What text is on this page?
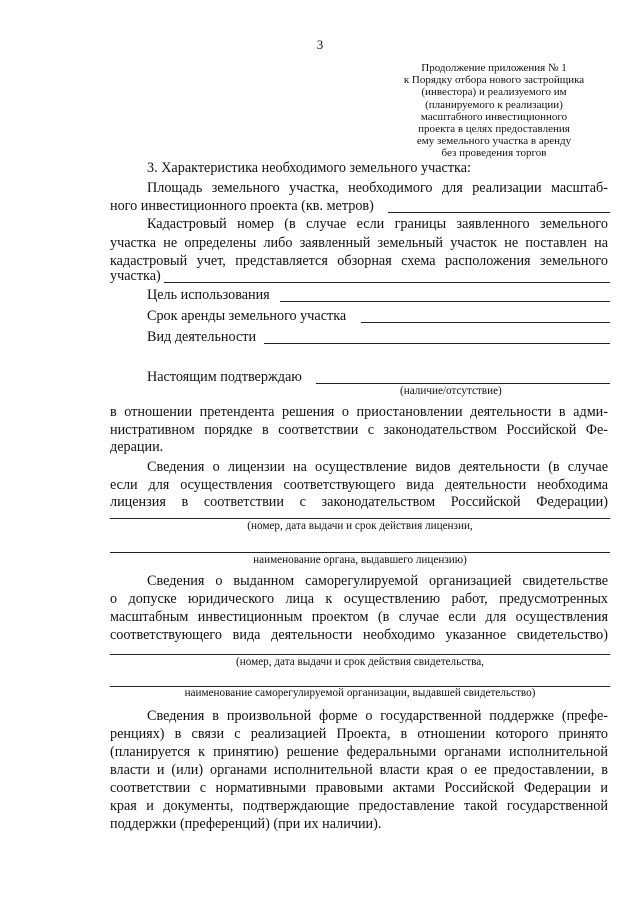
3
Продолжение приложения № 1
к Порядку отбора нового застройщика
(инвестора) и реализуемого им
(планируемого к реализации)
масштабного инвестиционного
проекта в целях предоставления
ему земельного участка в аренду
без проведения торгов
3. Характеристика необходимого земельного участка:
Площадь земельного участка, необходимого для реализации масштаб-
ного инвестиционного проекта (кв. метров)
Кадастровый номер (в случае если границы заявленного земельного
участка не определены либо заявленный земельный участок не поставлен на
кадастровый учет, представляется обзорная схема расположения земельного
участка)
Цель использования
Срок аренды земельного участка
Вид деятельности
Настоящим подтверждаю
(наличие/отсутствие)
в отношении претендента решения о приостановлении деятельности в адми-
нистративном порядке в соответствии с законодательством Российской Фе-
дерации.
Сведения о лицензии на осуществление видов деятельности (в случае
если для осуществления соответствующего вида деятельности необходима
лицензия в соответствии с законодательством Российской Федерации)
(номер, дата выдачи и срок действия лицензии,
наименование органа, выдавшего лицензию)
Сведения о выданном саморегулируемой организацией свидетельстве
о допуске юридического лица к осуществлению работ, предусмотренных
масштабным инвестиционным проектом (в случае если для осуществления
соответствующего вида деятельности необходимо указанное свидетельство)
(номер, дата выдачи и срок действия свидетельства,
наименование саморегулируемой организации, выдавшей свидетельство)
Сведения в произвольной форме о государственной поддержке (префе-
ренциях) в связи с реализацией Проекта, в отношении которого принято
(планируется к принятию) решение федеральными органами исполнительной
власти и (или) органами исполнительной власти края о ее предоставлении, в
соответствии с нормативными правовыми актами Российской Федерации и
края и документы, подтверждающие предоставление такой государственной
поддержки (преференций) (при их наличии).
